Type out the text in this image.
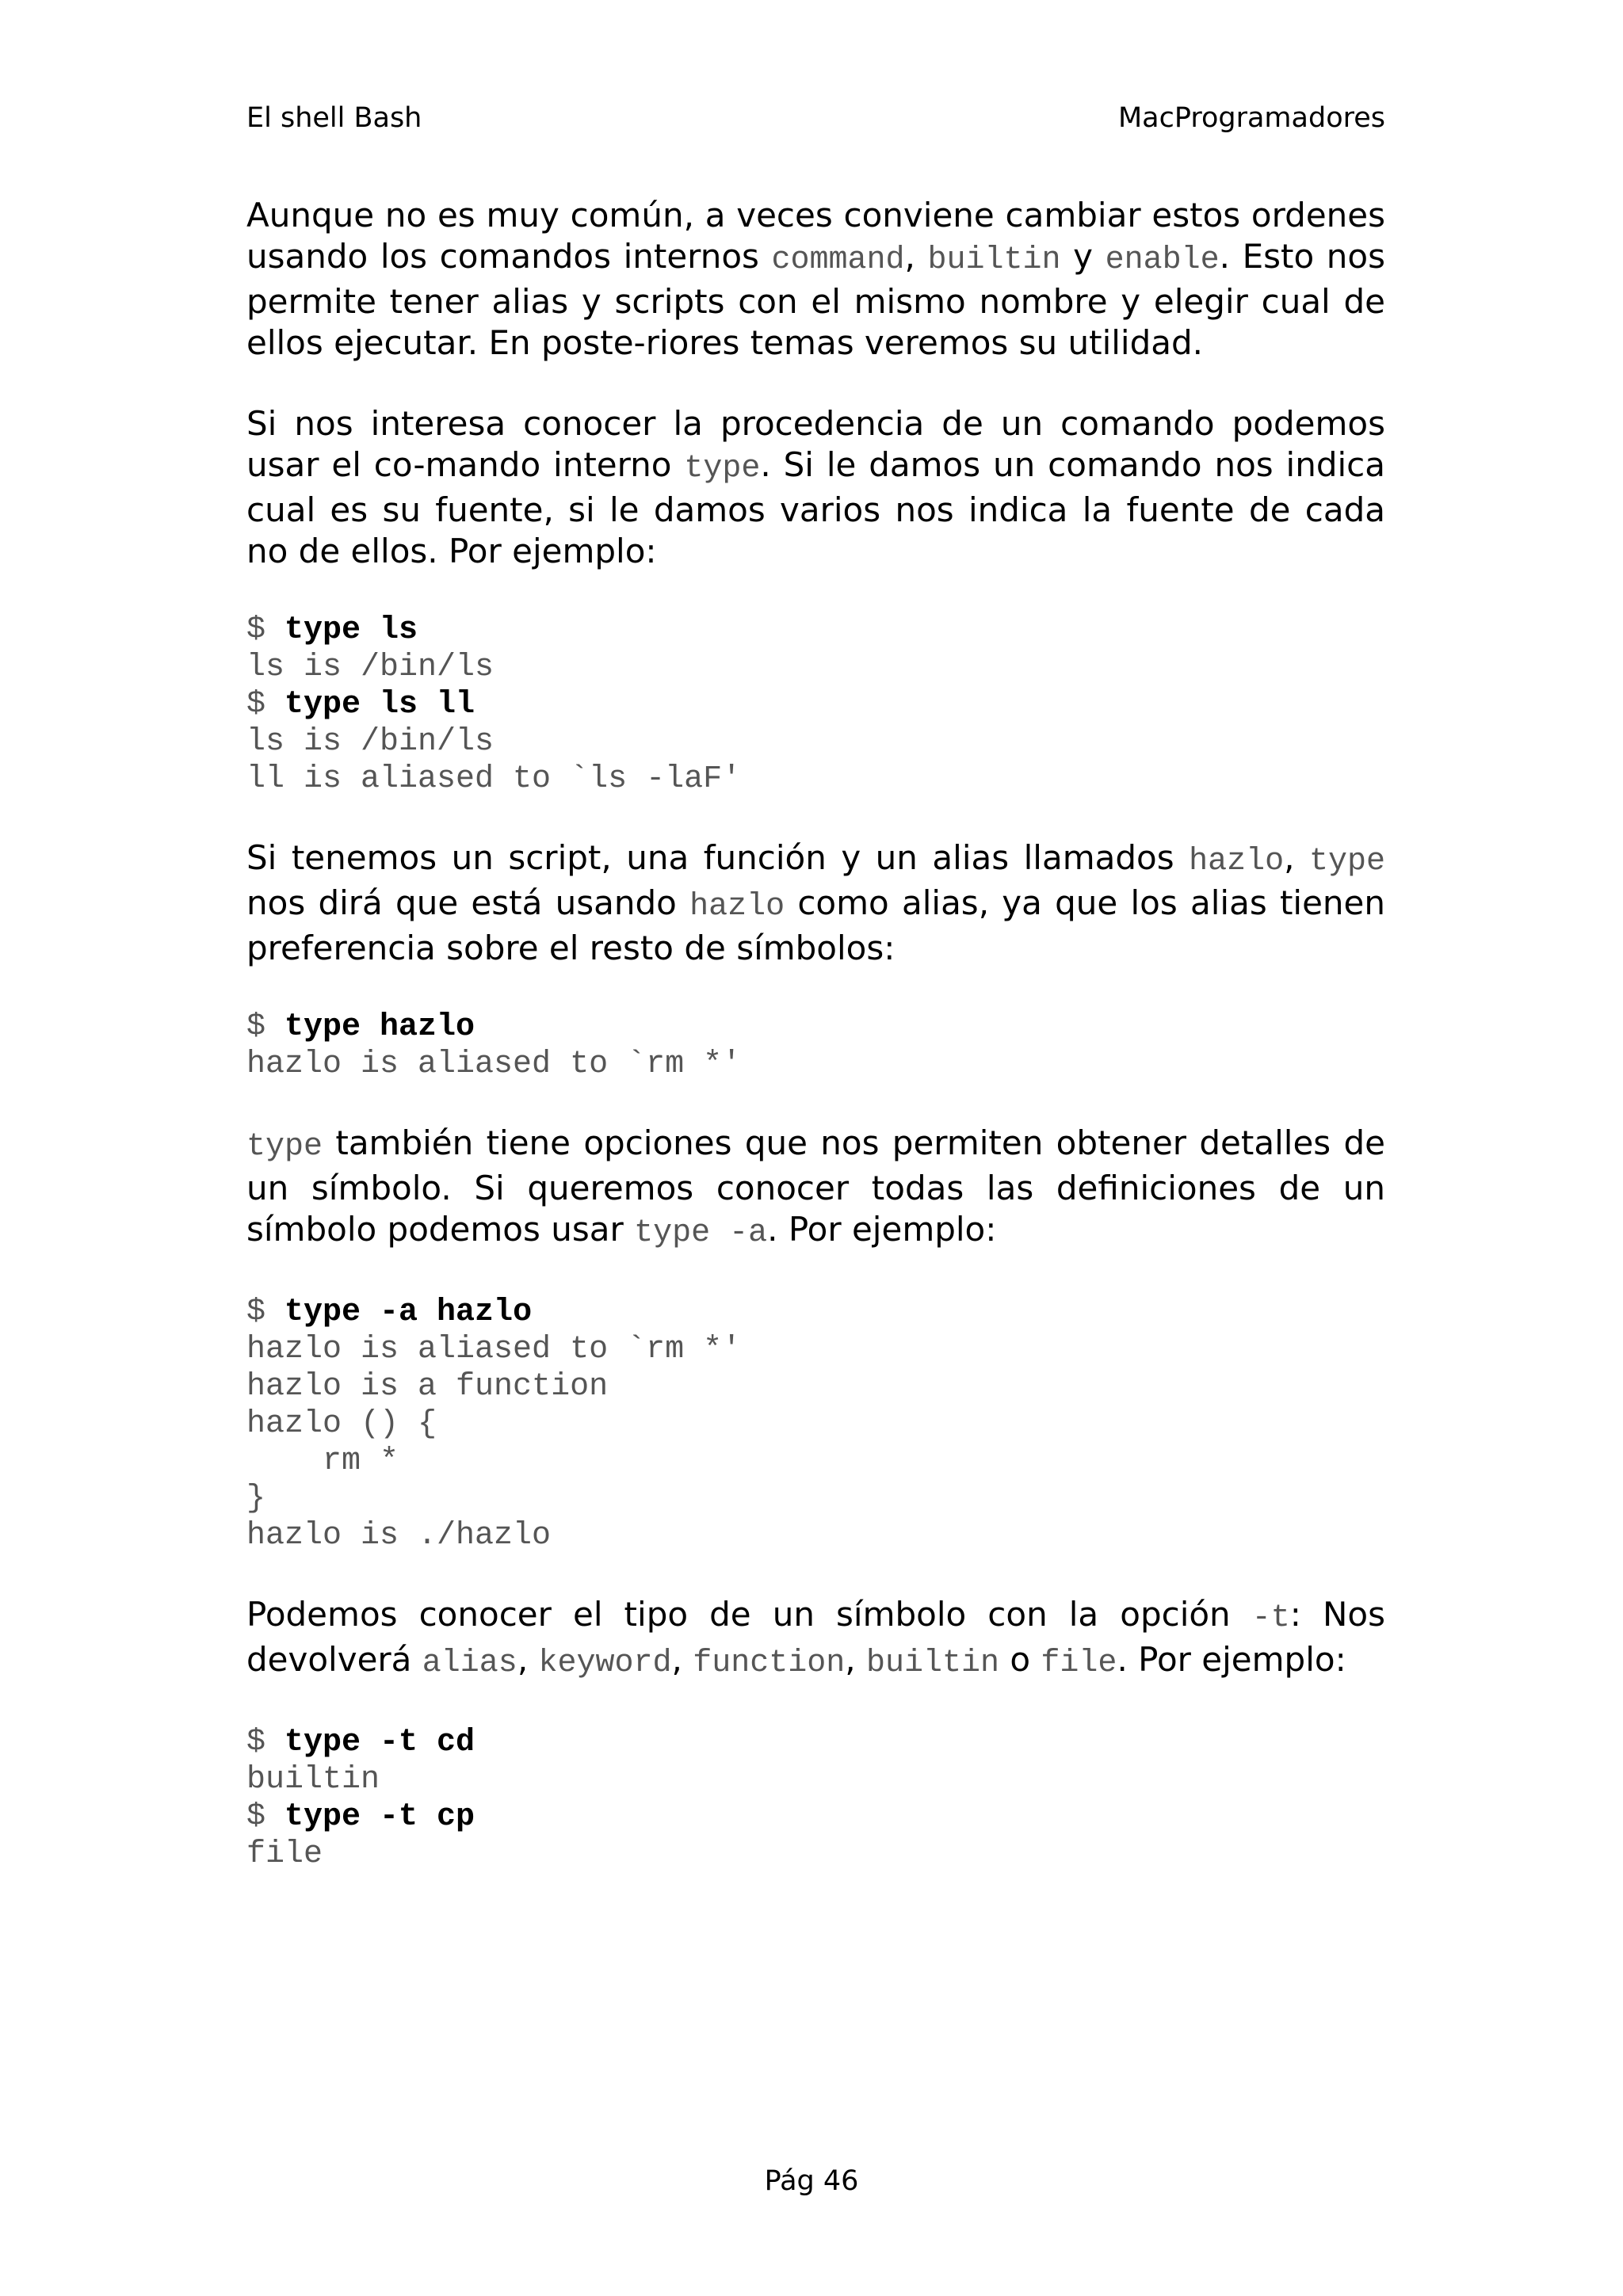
El shell Bash	MacProgramadores

Aunque no es muy común, a veces conviene cambiar estos ordenes usando los comandos internos command, builtin y enable. Esto nos permite tener alias y scripts con el mismo nombre y elegir cual de ellos ejecutar. En poste-riores temas veremos su utilidad.

Si nos interesa conocer la procedencia de un comando podemos usar el co-mando interno type. Si le damos un comando nos indica cual es su fuente, si le damos varios nos indica la fuente de cada no de ellos. Por ejemplo:

$ type ls
ls is /bin/ls
$ type ls ll
ls is /bin/ls
ll is aliased to `ls -laF'

Si tenemos un script, una función y un alias llamados hazlo, type nos dirá que está usando hazlo como alias, ya que los alias tienen preferencia sobre el resto de símbolos:

$ type hazlo
hazlo is aliased to `rm *'

type también tiene opciones que nos permiten obtener detalles de un símbolo. Si queremos conocer todas las definiciones de un símbolo podemos usar type -a. Por ejemplo:

$ type -a hazlo
hazlo is aliased to `rm *'
hazlo is a function
hazlo () {
rm *
}
hazlo is ./hazlo

Podemos conocer el tipo de un símbolo con la opción -t: Nos devolverá alias, keyword, function, builtin o file. Por ejemplo:

$ type -t cd
builtin
$ type -t cp
file
Pág 46
